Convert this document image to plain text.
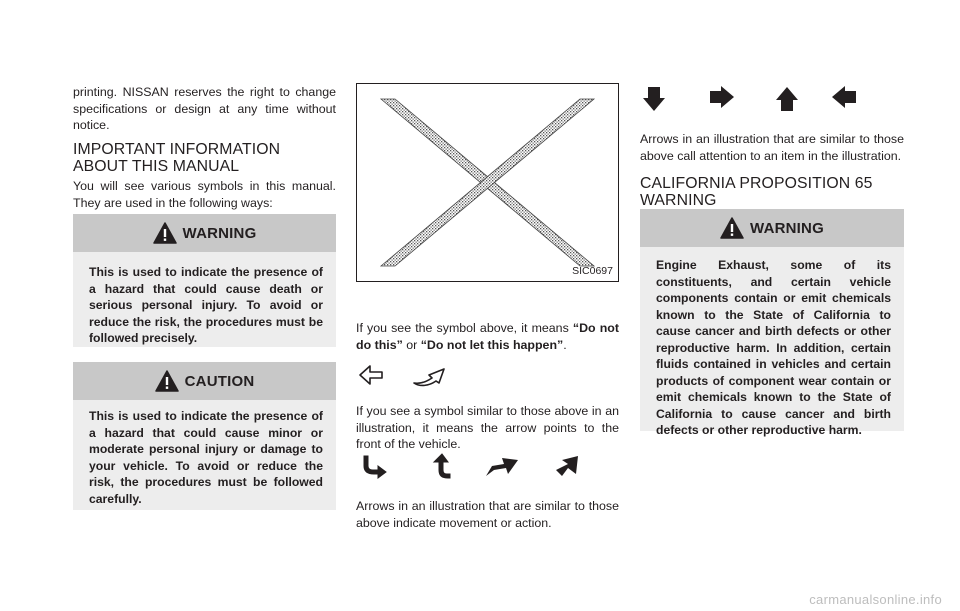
printing. NISSAN reserves the right to change specifications or design at any time without notice.

IMPORTANT INFORMATION ABOUT THIS MANUAL

You will see various symbols in this manual. They are used in the following ways:

WARNING
This is used to indicate the presence of a hazard that could cause death or serious personal injury. To avoid or reduce the risk, the procedures must be followed precisely.
CAUTION
This is used to indicate the presence of a hazard that could cause minor or moderate personal injury or damage to your vehicle. To avoid or reduce the risk, the procedures must be followed carefully.
SIC0697

If you see the symbol above, it means “Do not do this” or “Do not let this happen”.

If you see a symbol similar to those above in an illustration, it means the arrow points to the front of the vehicle.

Arrows in an illustration that are similar to those above indicate movement or action.

Arrows in an illustration that are similar to those above call attention to an item in the illustration.

CALIFORNIA PROPOSITION 65 WARNING
WARNING
Engine Exhaust, some of its constituents, and certain vehicle components contain or emit chemicals known to the State of California to cause cancer and birth defects or other reproductive harm. In addition, certain fluids contained in vehicles and certain products of component wear contain or emit chemicals known to the State of California to cause cancer and birth defects or other reproductive harm.
carmanualsonline.info
